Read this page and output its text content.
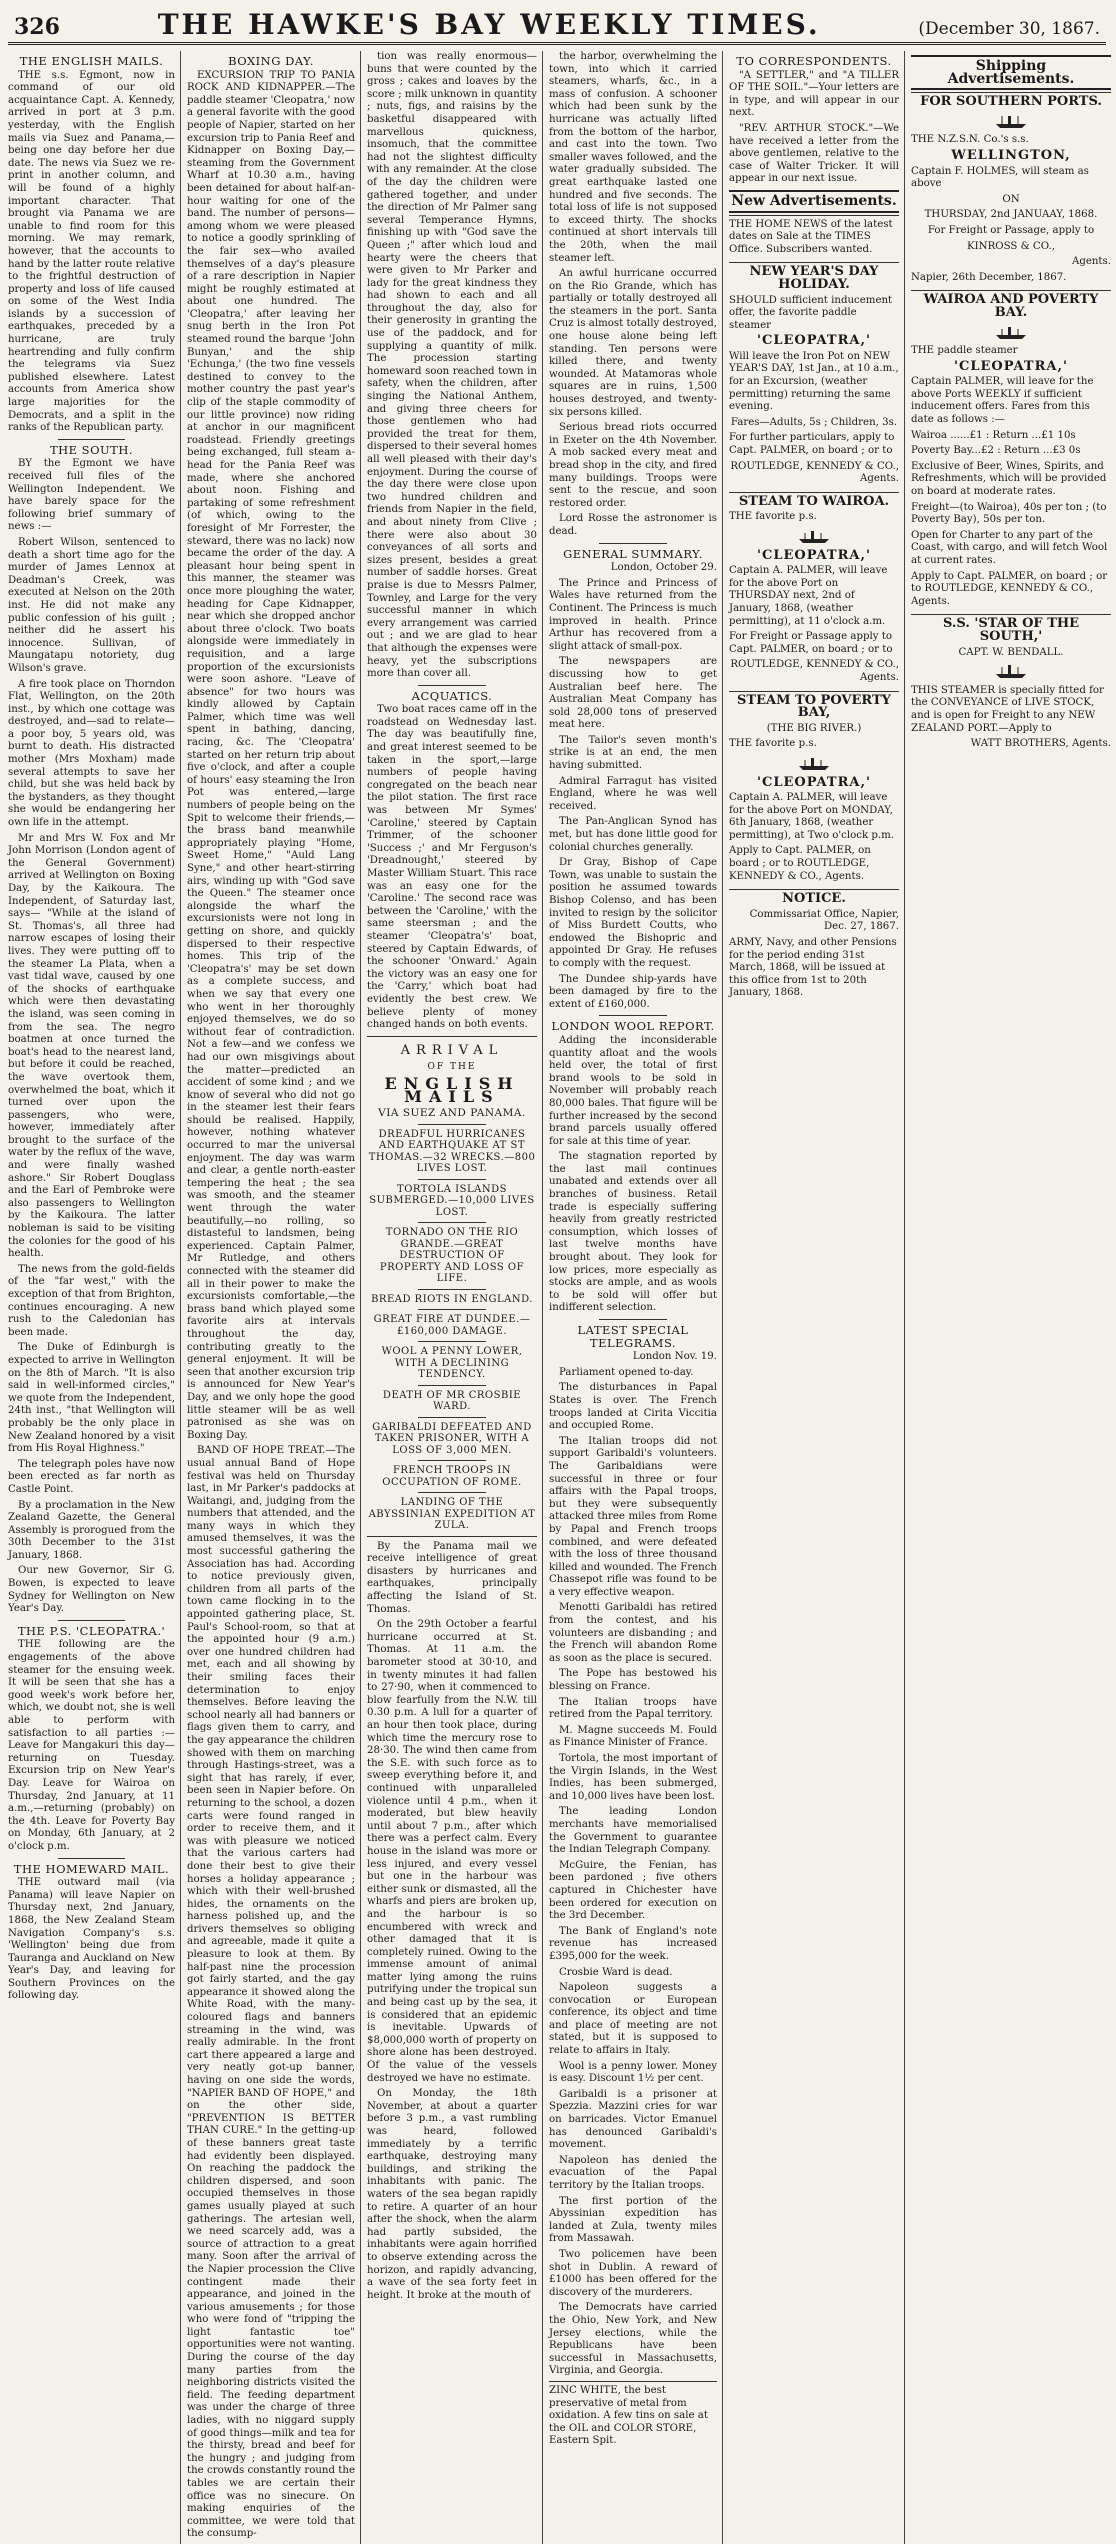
326	THE HAWKE'S BAY WEEKLY TIMES.	(December 30, 1867.
THE ENGLISH MAILS.

THE s.s. Egmont, now in command of our old acquaintance Capt. A. Kennedy, arrived in port at 3 p.m. yesterday, with the English mails via Suez and Panama,—being one day before her due date. The news via Suez we re-print in another column, and will be found of a highly important character. That brought via Panama we are unable to find room for this morning. We may remark, however, that the accounts to hand by the latter route relative to the frightful destruction of property and loss of life caused on some of the West India islands by a succession of earthquakes, preceded by a hurricane, are truly heartrending and fully confirm the telegrams via Suez published elsewhere. Latest accounts from America show large majorities for the Democrats, and a split in the ranks of the Republican party.

THE SOUTH.

BY the Egmont we have received full files of the Wellington Independent. We have barely space for the following brief summary of news :—

Robert Wilson, sentenced to death a short time ago for the murder of James Lennox at Deadman's Creek, was executed at Nelson on the 20th inst. He did not make any public confession of his guilt ; neither did he assert his innocence. Sullivan, of Maungatapu notoriety, dug Wilson's grave.

A fire took place on Thorndon Flat, Wellington, on the 20th inst., by which one cottage was destroyed, and—sad to relate—a poor boy, 5 years old, was burnt to death. His distracted mother (Mrs Moxham) made several attempts to save her child, but she was held back by the bystanders, as they thought she would be endangering her own life in the attempt.

Mr and Mrs W. Fox and Mr John Morrison (London agent of the General Government) arrived at Wellington on Boxing Day, by the Kaikoura. The Independent, of Saturday last, says— "While at the island of St. Thomas's, all three had narrow escapes of losing their lives. They were putting off to the steamer La Plata, when a vast tidal wave, caused by one of the shocks of earthquake which were then devastating the island, was seen coming in from the sea. The negro boatmen at once turned the boat's head to the nearest land, but before it could be reached, the wave overtook them, overwhelmed the boat, which it turned over upon the passengers, who were, however, immediately after brought to the surface of the water by the reflux of the wave, and were finally washed ashore." Sir Robert Douglass and the Earl of Pembroke were also passengers to Wellington by the Kaikoura. The latter nobleman is said to be visiting the colonies for the good of his health.

The news from the gold-fields of the "far west," with the exception of that from Brighton, continues encouraging. A new rush to the Caledonian has been made.

The Duke of Edinburgh is expected to arrive in Wellington on the 8th of March. "It is also said in well-informed circles," we quote from the Independent, 24th inst., "that Wellington will probably be the only place in New Zealand honored by a visit from His Royal Highness."

The telegraph poles have now been erected as far north as Castle Point.

By a proclamation in the New Zealand Gazette, the General Assembly is prorogued from the 30th December to the 31st January, 1868.

Our new Governor, Sir G. Bowen, is expected to leave Sydney for Wellington on New Year's Day.

THE P.S. 'CLEOPATRA.'

THE following are the engagements of the above steamer for the ensuing week. It will be seen that she has a good week's work before her, which, we doubt not, she is well able to perform with satisfaction to all parties :—Leave for Mangakuri this day—returning on Tuesday. Excursion trip on New Year's Day. Leave for Wairoa on Thursday, 2nd January, at 11 a.m.,—returning (probably) on the 4th. Leave for Poverty Bay on Monday, 6th January, at 2 o'clock p.m.

THE HOMEWARD MAIL.

THE outward mail (via Panama) will leave Napier on Thursday next, 2nd January, 1868, the New Zealand Steam Navigation Company's s.s. 'Wellington' being due from Tauranga and Auckland on New Year's Day, and leaving for Southern Provinces on the following day.

BOXING DAY.

EXCURSION TRIP TO PANIA ROCK AND KIDNAPPER.—The paddle steamer 'Cleopatra,' now a general favorite with the good people of Napier, started on her excursion trip to Pania Reef and Kidnapper on Boxing Day,—steaming from the Government Wharf at 10.30 a.m., having been detained for about half-an-hour waiting for one of the band. The number of persons—among whom we were pleased to notice a goodly sprinkling of the fair sex—who availed themselves of a day's pleasure of a rare description in Napier might be roughly estimated at about one hundred. The 'Cleopatra,' after leaving her snug berth in the Iron Pot steamed round the barque 'John Bunyan,' and the ship 'Echunga,' (the two fine vessels destined to convey to the mother country the past year's clip of the staple commodity of our little province) now riding at anchor in our magnificent roadstead. Friendly greetings being exchanged, full steam a-head for the Pania Reef was made, where she anchored about noon. Fishing and partaking of some refreshment (of which, owing to the foresight of Mr Forrester, the steward, there was no lack) now became the order of the day. A pleasant hour being spent in this manner, the steamer was once more ploughing the water, heading for Cape Kidnapper, near which she dropped anchor about three o'clock. Two boats alongside were immediately in requisition, and a large proportion of the excursionists were soon ashore. "Leave of absence" for two hours was kindly allowed by Captain Palmer, which time was well spent in bathing, dancing, racing, &c. The 'Cleopatra' started on her return trip about five o'clock, and after a couple of hours' easy steaming the Iron Pot was entered,—large numbers of people being on the Spit to welcome their friends,—the brass band meanwhile appropriately playing "Home, Sweet Home," "Auld Lang Syne," and other heart-stirring airs, winding up with "God save the Queen." The steamer once alongside the wharf the excursionists were not long in getting on shore, and quickly dispersed to their respective homes. This trip of the 'Cleopatra's' may be set down as a complete success, and when we say that every one who went in her thoroughly enjoyed themselves, we do so without fear of contradiction. Not a few—and we confess we had our own misgivings about the matter—predicted an accident of some kind ; and we know of several who did not go in the steamer lest their fears should be realised. Happily, however, nothing whatever occurred to mar the universal enjoyment. The day was warm and clear, a gentle north-easter tempering the heat ; the sea was smooth, and the steamer went through the water beautifully,—no rolling, so distasteful to landsmen, being experienced. Captain Palmer, Mr Rutledge, and others connected with the steamer did all in their power to make the excursionists comfortable,—the brass band which played some favorite airs at intervals throughout the day, contributing greatly to the general enjoyment. It will be seen that another excursion trip is announced for New Year's Day, and we only hope the good little steamer will be as well patronised as she was on Boxing Day.

BAND OF HOPE TREAT.—The usual annual Band of Hope festival was held on Thursday last, in Mr Parker's paddocks at Waitangi, and, judging from the numbers that attended, and the many ways in which they amused themselves, it was the most successful gathering the Association has had. According to notice previously given, children from all parts of the town came flocking in to the appointed gathering place, St. Paul's School-room, so that at the appointed hour (9 a.m.) over one hundred children had met, each and all showing by their smiling faces their determination to enjoy themselves. Before leaving the school nearly all had banners or flags given them to carry, and the gay appearance the children showed with them on marching through Hastings-street, was a sight that has rarely, if ever, been seen in Napier before. On returning to the school, a dozen carts were found ranged in order to receive them, and it was with pleasure we noticed that the various carters had done their best to give their horses a holiday appearance ; which with their well-brushed hides, the ornaments on the harness polished up, and the drivers themselves so obliging and agreeable, made it quite a pleasure to look at them. By half-past nine the procession got fairly started, and the gay appearance it showed along the White Road, with the many-coloured flags and banners streaming in the wind, was really admirable. In the front cart there appeared a large and very neatly got-up banner, having on one side the words, "NAPIER BAND OF HOPE," and on the other side, "PREVENTION IS BETTER THAN CURE." In the getting-up of these banners great taste had evidently been displayed. On reaching the paddock the children dispersed, and soon occupied themselves in those games usually played at such gatherings. The artesian well, we need scarcely add, was a source of attraction to a great many. Soon after the arrival of the Napier procession the Clive contingent made their appearance, and joined in the various amusements ; for those who were fond of "tripping the light fantastic toe" opportunities were not wanting. During the course of the day many parties from the neighboring districts visited the field. The feeding department was under the charge of three ladies, with no niggard supply of good things—milk and tea for the thirsty, bread and beef for the hungry ; and judging from the crowds constantly round the tables we are certain their office was no sinecure. On making enquiries of the committee, we were told that the consump-

tion was really enormous—buns that were counted by the gross ; cakes and loaves by the score ; milk unknown in quantity ; nuts, figs, and raisins by the basketful disappeared with marvellous quickness, insomuch, that the committee had not the slightest difficulty with any remainder. At the close of the day the children were gathered together, and under the direction of Mr Palmer sang several Temperance Hymns, finishing up with "God save the Queen ;" after which loud and hearty were the cheers that were given to Mr Parker and lady for the great kindness they had shown to each and all throughout the day, also for their generosity in granting the use of the paddock, and for supplying a quantity of milk. The procession starting homeward soon reached town in safety, when the children, after singing the National Anthem, and giving three cheers for those gentlemen who had provided the treat for them, dispersed to their several homes all well pleased with their day's enjoyment. During the course of the day there were close upon two hundred children and friends from Napier in the field, and about ninety from Clive ; there were also about 30 conveyances of all sorts and sizes present, besides a great number of saddle horses. Great praise is due to Messrs Palmer, Townley, and Large for the very successful manner in which every arrangement was carried out ; and we are glad to hear that although the expenses were heavy, yet the subscriptions more than cover all.

ACQUATICS.

Two boat races came off in the roadstead on Wednesday last. The day was beautifully fine, and great interest seemed to be taken in the sport,—large numbers of people having congregated on the beach near the pilot station. The first race was between Mr Symes' 'Caroline,' steered by Captain Trimmer, of the schooner 'Success ;' and Mr Ferguson's 'Dreadnought,' steered by Master William Stuart. This race was an easy one for the 'Caroline.' The second race was between the 'Caroline,' with the same steersman ; and the steamer 'Cleopatra's' boat, steered by Captain Edwards, of the schooner 'Onward.' Again the victory was an easy one for the 'Carry,' which boat had evidently the best crew. We believe plenty of money changed hands on both events.

ARRIVAL
OF THE
ENGLISH MAILS
VIA SUEZ AND PANAMA.
DREADFUL HURRICANES AND EARTHQUAKE AT ST THOMAS.—32 WRECKS.—800 LIVES LOST.
TORTOLA ISLANDS SUBMERGED.—10,000 LIVES LOST.
TORNADO ON THE RIO GRANDE.—GREAT DESTRUCTION OF PROPERTY AND LOSS OF LIFE.
BREAD RIOTS IN ENGLAND.
GREAT FIRE AT DUNDEE.—£160,000 DAMAGE.
WOOL A PENNY LOWER, WITH A DECLINING TENDENCY.
DEATH OF MR CROSBIE WARD.
GARIBALDI DEFEATED AND TAKEN PRISONER, WITH A LOSS OF 3,000 MEN.
FRENCH TROOPS IN OCCUPATION OF ROME.
LANDING OF THE ABYSSINIAN EXPEDITION AT ZULA.

By the Panama mail we receive intelligence of great disasters by hurricanes and earthquakes, principally affecting the Island of St. Thomas.

On the 29th October a fearful hurricane occurred at St. Thomas. At 11 a.m. the barometer stood at 30·10, and in twenty minutes it had fallen to 27·90, when it commenced to blow fearfully from the N.W. till 0.30 p.m. A lull for a quarter of an hour then took place, during which time the mercury rose to 28·30. The wind then came from the S.E. with such force as to sweep everything before it, and continued with unparalleled violence until 4 p.m., when it moderated, but blew heavily until about 7 p.m., after which there was a perfect calm. Every house in the island was more or less injured, and every vessel but one in the harbour was either sunk or dismasted, all the wharfs and piers are broken up, and the harbour is so encumbered with wreck and other damaged that it is completely ruined. Owing to the immense amount of animal matter lying among the ruins putrifying under the tropical sun and being cast up by the sea, it is considered that an epidemic is inevitable. Upwards of $8,000,000 worth of property on shore alone has been destroyed. Of the value of the vessels destroyed we have no estimate.

On Monday, the 18th November, at about a quarter before 3 p.m., a vast rumbling was heard, followed immediately by a terrific earthquake, destroying many buildings, and striking the inhabitants with panic. The waters of the sea began rapidly to retire. A quarter of an hour after the shock, when the alarm had partly subsided, the inhabitants were again horrified to observe extending across the horizon, and rapidly advancing, a wave of the sea forty feet in height. It broke at the mouth of

the harbor, overwhelming the town, into which it carried steamers, wharfs, &c., in a mass of confusion. A schooner which had been sunk by the hurricane was actually lifted from the bottom of the harbor, and cast into the town. Two smaller waves followed, and the water gradually subsided. The great earthquake lasted one hundred and five seconds. The total loss of life is not supposed to exceed thirty. The shocks continued at short intervals till the 20th, when the mail steamer left.

An awful hurricane occurred on the Rio Grande, which has partially or totally destroyed all the steamers in the port. Santa Cruz is almost totally destroyed, one house alone being left standing. Ten persons were killed there, and twenty wounded. At Matamoras whole squares are in ruins, 1,500 houses destroyed, and twenty-six persons killed.

Serious bread riots occurred in Exeter on the 4th November. A mob sacked every meat and bread shop in the city, and fired many buildings. Troops were sent to the rescue, and soon restored order.

Lord Rosse the astronomer is dead.

GENERAL SUMMARY.

London, October 29.

The Prince and Princess of Wales have returned from the Continent. The Princess is much improved in health. Prince Arthur has recovered from a slight attack of small-pox.

The newspapers are discussing how to get Australian beef here. The Australian Meat Company has sold 28,000 tons of preserved meat here.

The Tailor's seven month's strike is at an end, the men having submitted.

Admiral Farragut has visited England, where he was well received.

The Pan-Anglican Synod has met, but has done little good for colonial churches generally.

Dr Gray, Bishop of Cape Town, was unable to sustain the position he assumed towards Bishop Colenso, and has been invited to resign by the solicitor of Miss Burdett Coutts, who endowed the Bishopric and appointed Dr Gray. He refuses to comply with the request.

The Dundee ship-yards have been damaged by fire to the extent of £160,000.

LONDON WOOL REPORT.

Adding the inconsiderable quantity afloat and the wools held over, the total of first brand wools to be sold in November will probably reach 80,000 bales. That figure will be further increased by the second brand parcels usually offered for sale at this time of year.

The stagnation reported by the last mail continues unabated and extends over all branches of business. Retail trade is especially suffering heavily from greatly restricted consumption, which losses of last twelve months have brought about. They look for low prices, more especially as stocks are ample, and as wools to be sold will offer but indifferent selection.

LATEST SPECIAL TELEGRAMS.

London Nov. 19.

Parliament opened to-day.

The disturbances in Papal States is over. The French troops landed at Cirita Viccitia and occupied Rome.

The Italian troops did not support Garibaldi's volunteers. The Garibaldians were successful in three or four affairs with the Papal troops, but they were subsequently attacked three miles from Rome by Papal and French troops combined, and were defeated with the loss of three thousand killed and wounded. The French Chassepot rifle was found to be a very effective weapon.

Menotti Garibaldi has retired from the contest, and his volunteers are disbanding ; and the French will abandon Rome as soon as the place is secured.

The Pope has bestowed his blessing on France.

The Italian troops have retired from the Papal territory.

M. Magne succeeds M. Fould as Finance Minister of France.

Tortola, the most important of the Virgin Islands, in the West Indies, has been submerged, and 10,000 lives have been lost.

The leading London merchants have memorialised the Government to guarantee the Indian Telegraph Company.

McGuire, the Fenian, has been pardoned ; five others captured in Chichester have been ordered for execution on the 3rd December.

The Bank of England's note revenue has increased £395,000 for the week.

Crosbie Ward is dead.

Napoleon suggests a convocation or European conference, its object and time and place of meeting are not stated, but it is supposed to relate to affairs in Italy.

Wool is a penny lower. Money is easy. Discount 1½ per cent.

Garibaldi is a prisoner at Spezzia. Mazzini cries for war on barricades. Victor Emanuel has denounced Garibaldi's movement.

Napoleon has denied the evacuation of the Papal territory by the Italian troops.

The first portion of the Abyssinian expedition has landed at Zula, twenty miles from Massawah.

Two policemen have been shot in Dublin. A reward of £1000 has been offered for the discovery of the murderers.

The Democrats have carried the Ohio, New York, and New Jersey elections, while the Republicans have been successful in Massachusetts, Virginia, and Georgia.

ZINC WHITE, the best preservative of metal from oxidation. A few tins on sale at the OIL and COLOR STORE, Eastern Spit.

TO CORRESPONDENTS.

"A SETTLER," and "A TILLER OF THE SOIL."—Your letters are in type, and will appear in our next.

"REV. ARTHUR STOCK."—We have received a letter from the above gentlemen, relative to the case of Walter Tricker. It will appear in our next issue.

New Advertisements.

THE HOME NEWS of the latest dates on Sale at the TIMES Office. Subscribers wanted.

NEW YEAR'S DAY HOLIDAY.

SHOULD sufficient inducement offer, the favorite paddle steamer

'CLEOPATRA,'

Will leave the Iron Pot on NEW YEAR'S DAY, 1st Jan., at 10 a.m., for an Excursion, (weather permitting) returning the same evening.

Fares—Adults, 5s ; Children, 3s.

For further particulars, apply to Capt. PALMER, on board ; or to

ROUTLEDGE, KENNEDY & CO., Agents.

STEAM TO WAIROA.

THE favorite p.s.

'CLEOPATRA,'

Captain A. PALMER, will leave for the above Port on THURSDAY next, 2nd of January, 1868, (weather permitting), at 11 o'clock a.m.

For Freight or Passage apply to Capt. PALMER, on board ; or to

ROUTLEDGE, KENNEDY & CO., Agents.

STEAM TO POVERTY BAY,

(THE BIG RIVER.)

THE favorite p.s.

'CLEOPATRA,'

Captain A. PALMER, will leave for the above Port on MONDAY, 6th January, 1868, (weather permitting), at Two o'clock p.m.

Apply to Capt. PALMER, on board ; or to ROUTLEDGE, KENNEDY & CO., Agents.

NOTICE.

Commissariat Office, Napier, Dec. 27, 1867.

ARMY, Navy, and other Pensions for the period ending 31st March, 1868, will be issued at this office from 1st to 20th January, 1868.

Shipping Advertisements.

FOR SOUTHERN PORTS.

THE N.Z.S.N. Co.'s s.s.

WELLINGTON,

Captain F. HOLMES, will steam as above

ON

THURSDAY, 2nd JANUAAY, 1868.

For Freight or Passage, apply to

KINROSS & CO.,

Agents.

Napier, 26th December, 1867.

WAIROA AND POVERTY BAY.

THE paddle steamer

'CLEOPATRA,'

Captain PALMER, will leave for the above Ports WEEKLY if sufficient inducement offers. Fares from this date as follows :—

Wairoa ......£1 : Return ...£1 10s

Poverty Bay...£2 : Return ...£3 0s

Exclusive of Beer, Wines, Spirits, and Refreshments, which will be provided on board at moderate rates.

Freight—(to Wairoa), 40s per ton ; (to Poverty Bay), 50s per ton.

Open for Charter to any part of the Coast, with cargo, and will fetch Wool at current rates.

Apply to Capt. PALMER, on board ; or to ROUTLEDGE, KENNEDY & CO., Agents.

S.S. 'STAR OF THE SOUTH,'

CAPT. W. BENDALL.

THIS STEAMER is specially fitted for the CONVEYANCE of LIVE STOCK, and is open for Freight to any NEW ZEALAND PORT.—Apply to

WATT BROTHERS, Agents.
